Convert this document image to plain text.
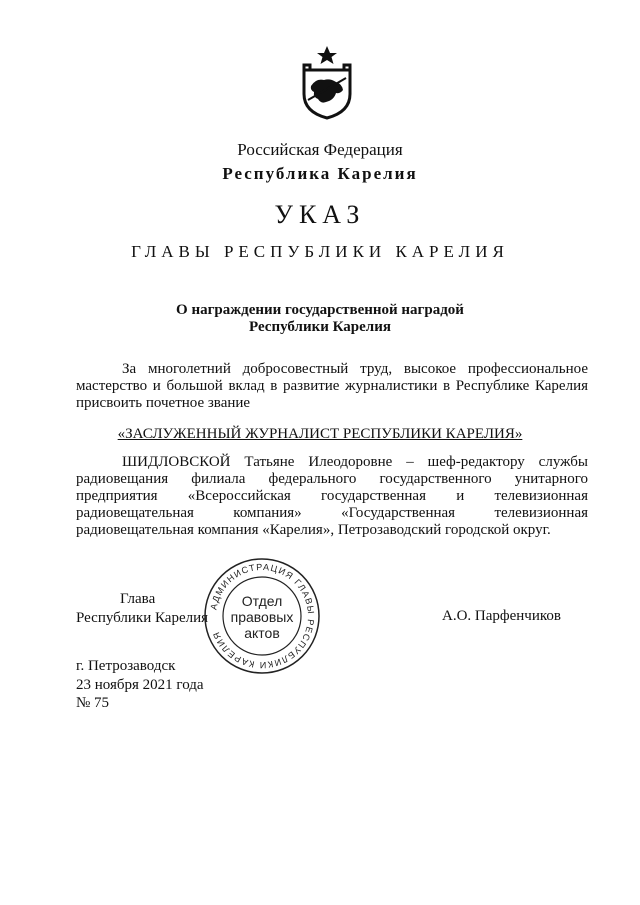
Российская Федерация
Республика Карелия
УКАЗ
ГЛАВЫ РЕСПУБЛИКИ КАРЕЛИЯ
О награждении государственной наградой
Республики Карелия
За многолетний добросовестный труд, высокое профессиональное мастерство и большой вклад в развитие журналистики в Республике Карелия присвоить почетное звание
«ЗАСЛУЖЕННЫЙ ЖУРНАЛИСТ РЕСПУБЛИКИ КАРЕЛИЯ»
ШИДЛОВСКОЙ Татьяне Илеодоровне – шеф-редактору службы радиовещания филиала федерального государственного унитарного предприятия «Всероссийская государственная и телевизионная радиовещательная компания» «Государственная телевизионная радиовещательная компания «Карелия», Петрозаводский городской округ.
Глава
Республики Карелия	А.О. Парфенчиков
АДМИНИСТРАЦИЯ ГЛАВЫ РЕСПУБЛИКИ КАРЕЛИЯ
Отдел
правовых
актов
г. Петрозаводск
23 ноября 2021 года
№ 75
